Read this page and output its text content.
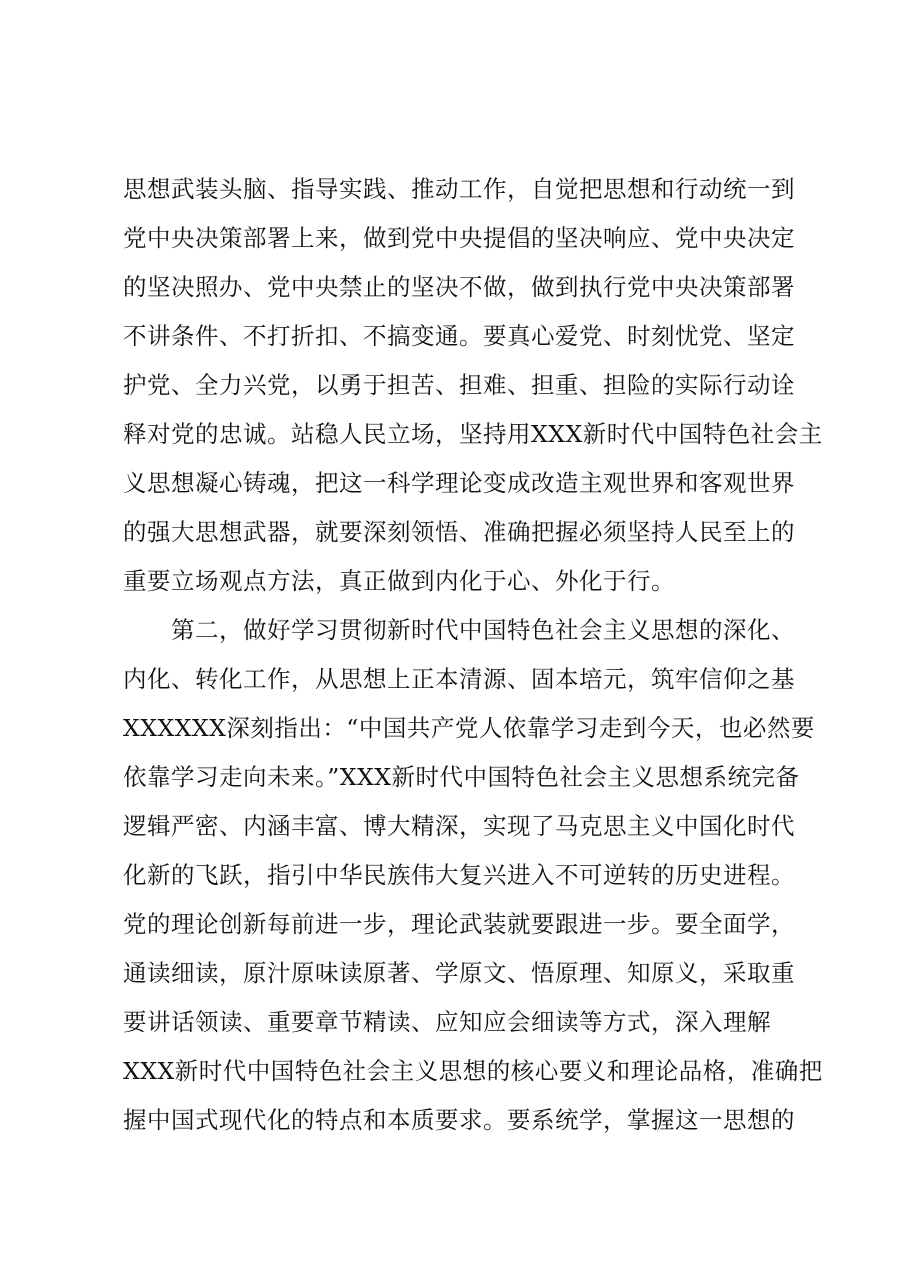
思想武装头脑、指导实践、推动工作，自觉把思想和行动统一到
党中央决策部署上来，做到党中央提倡的坚决响应、党中央决定
的坚决照办、党中央禁止的坚决不做，做到执行党中央决策部署
不讲条件、不打折扣、不搞变通。要真心爱党、时刻忧党、坚定
护党、全力兴党，以勇于担苦、担难、担重、担险的实际行动诠
释对党的忠诚。站稳人民立场，坚持用XXX新时代中国特色社会主
义思想凝心铸魂，把这一科学理论变成改造主观世界和客观世界
的强大思想武器，就要深刻领悟、准确把握必须坚持人民至上的
重要立场观点方法，真正做到内化于心、外化于行。
　　第二，做好学习贯彻新时代中国特色社会主义思想的深化、
内化、转化工作，从思想上正本清源、固本培元，筑牢信仰之基
XXXXXX深刻指出：“中国共产党人依靠学习走到今天，也必然要
依靠学习走向未来。”XXX新时代中国特色社会主义思想系统完备
逻辑严密、内涵丰富、博大精深，实现了马克思主义中国化时代
化新的飞跃，指引中华民族伟大复兴进入不可逆转的历史进程。
党的理论创新每前进一步，理论武装就要跟进一步。要全面学，
通读细读，原汁原味读原著、学原文、悟原理、知原义，采取重
要讲话领读、重要章节精读、应知应会细读等方式，深入理解
XXX新时代中国特色社会主义思想的核心要义和理论品格，准确把
握中国式现代化的特点和本质要求。要系统学，掌握这一思想的
